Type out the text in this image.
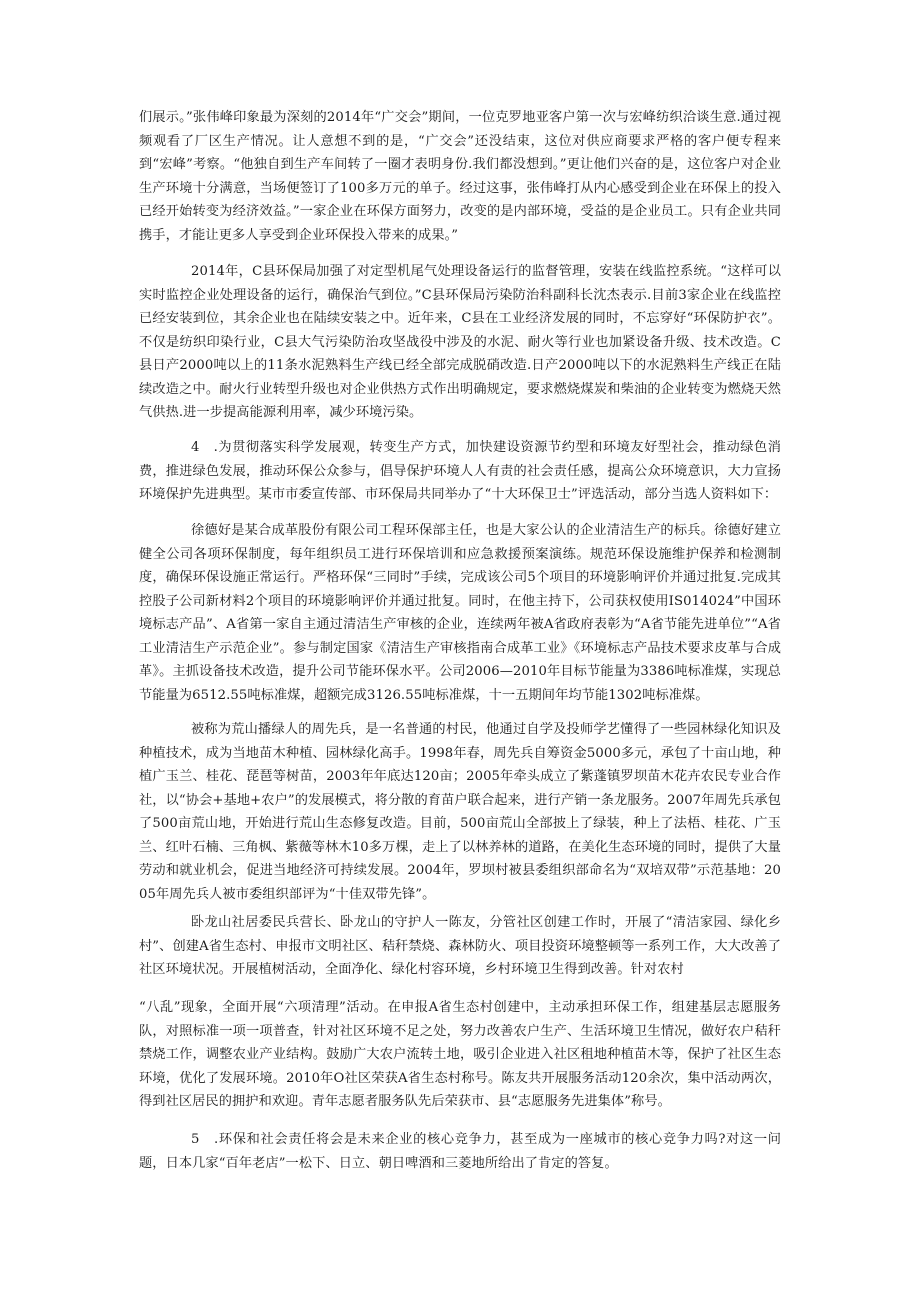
们展示。”张伟峰印象最为深刻的2014年“广交会”期间，一位克罗地亚客户第一次与宏峰纺织洽谈生意.通过视频观看了厂区生产情况。让人意想不到的是，“广交会”还没结束，这位对供应商要求严格的客户便专程来到“宏峰”考察。“他独自到生产车间转了一圈才表明身份.我们都没想到。”更让他们兴奋的是，这位客户对企业生产环境十分满意，当场便签订了100多万元的单子。经过这事，张伟峰打从内心感受到企业在环保上的投入已经开始转变为经济效益。”一家企业在环保方面努力，改变的是内部环境，受益的是企业员工。只有企业共同携手，才能让更多人享受到企业环保投入带来的成果。”

2014年，C县环保局加强了对定型机尾气处理设备运行的监督管理，安装在线监控系统。“这样可以实时监控企业处理设备的运行，确保治气到位。”C县环保局污染防治科副科长沈杰表示.目前3家企业在线监控已经安装到位，其余企业也在陆续安装之中。近年来，C县在工业经济发展的同时，不忘穿好“环保防护衣”。不仅是纺织印染行业，C县大气污染防治攻坚战役中涉及的水泥、耐火等行业也加紧设备升级、技术改造。C县日产2000吨以上的11条水泥熟料生产线已经全部完成脱硝改造.日产2000吨以下的水泥熟料生产线正在陆续改造之中。耐火行业转型升级也对企业供热方式作出明确规定，要求燃烧煤炭和柴油的企业转变为燃烧天然气供热.进一步提高能源利用率，减少环境污染。

4　.为贯彻落实科学发展观，转变生产方式，加快建设资源节约型和环境友好型社会，推动绿色消费，推进绿色发展，推动环保公众参与，倡导保护环境人人有责的社会责任感，提高公众环境意识，大力宣扬环境保护先进典型。某市市委宣传部、市环保局共同举办了“十大环保卫士”评选活动，部分当选人资料如下：

徐德好是某合成革股份有限公司工程环保部主任，也是大家公认的企业清洁生产的标兵。徐德好建立健全公司各项环保制度，每年组织员工进行环保培训和应急救援预案演练。规范环保设施维护保养和检测制度，确保环保设施正常运行。严格环保“三同时”手续，完成该公司5个项目的环境影响评价并通过批复.完成其控股子公司新材料2个项目的环境影响评价并通过批复。同时，在他主持下，公司获权使用IS014024”中国环境标志产品”、A省第一家自主通过清洁生产审核的企业，连续两年被A省政府表彰为“A省节能先进单位”“A省工业清洁生产示范企业”。参与制定国家《清洁生产审核指南合成革工业》《环境标志产品技术要求皮革与合成革》。主抓设备技术改造，提升公司节能环保水平。公司2006—2010年目标节能量为3386吨标准煤，实现总节能量为6512.55吨标准煤，超额完成3126.55吨标准煤，十一五期间年均节能1302吨标准煤。

被称为荒山播绿人的周先兵，是一名普通的村民，他通过自学及投师学艺懂得了一些园林绿化知识及种植技术，成为当地苗木种植、园林绿化高手。1998年春，周先兵自筹资金5000多元，承包了十亩山地，种植广玉兰、桂花、琵琶等树苗，2003年年底达120亩；2005年牵头成立了紫蓬镇罗坝苗木花卉农民专业合作社，以“协会+基地+农户”的发展模式，将分散的育苗户联合起来，进行产销一条龙服务。2007年周先兵承包了500亩荒山地，开始进行荒山生态修复改造。目前，500亩荒山全部披上了绿装，种上了法梧、桂花、广玉兰、红叶石楠、三角枫、紫薇等林木10多万棵，走上了以林养林的道路，在美化生态环境的同时，提供了大量劳动和就业机会，促进当地经济可持续发展。2004年，罗坝村被县委组织部命名为“双培双带”示范基地：2005年周先兵人被市委组织部评为“十佳双带先锋”。

卧龙山社居委民兵营长、卧龙山的守护人一陈友，分管社区创建工作时，开展了“清洁家园、绿化乡村”、创建A省生态村、申报市文明社区、秸秆禁烧、森林防火、项目投资环境整顿等一系列工作，大大改善了社区环境状况。开展植树活动，全面净化、绿化村容环境，乡村环境卫生得到改善。针对农村

“八乱”现象，全面开展“六项清理”活动。在申报A省生态村创建中，主动承担环保工作，组建基层志愿服务队，对照标准一项一项普查，针对社区环境不足之处，努力改善农户生产、生活环境卫生情况，做好农户秸秆禁烧工作，调整农业产业结构。鼓励广大农户流转土地，吸引企业进入社区租地种植苗木等，保护了社区生态环境，优化了发展环境。2010年O社区荣获A省生态村称号。陈友共开展服务活动120余次，集中活动两次，得到社区居民的拥护和欢迎。青年志愿者服务队先后荣获市、县“志愿服务先进集体”称号。

5　.环保和社会责任将会是未来企业的核心竞争力，甚至成为一座城市的核心竞争力吗?对这一问题，日本几家“百年老店”一松下、日立、朝日啤酒和三菱地所给出了肯定的答复。
